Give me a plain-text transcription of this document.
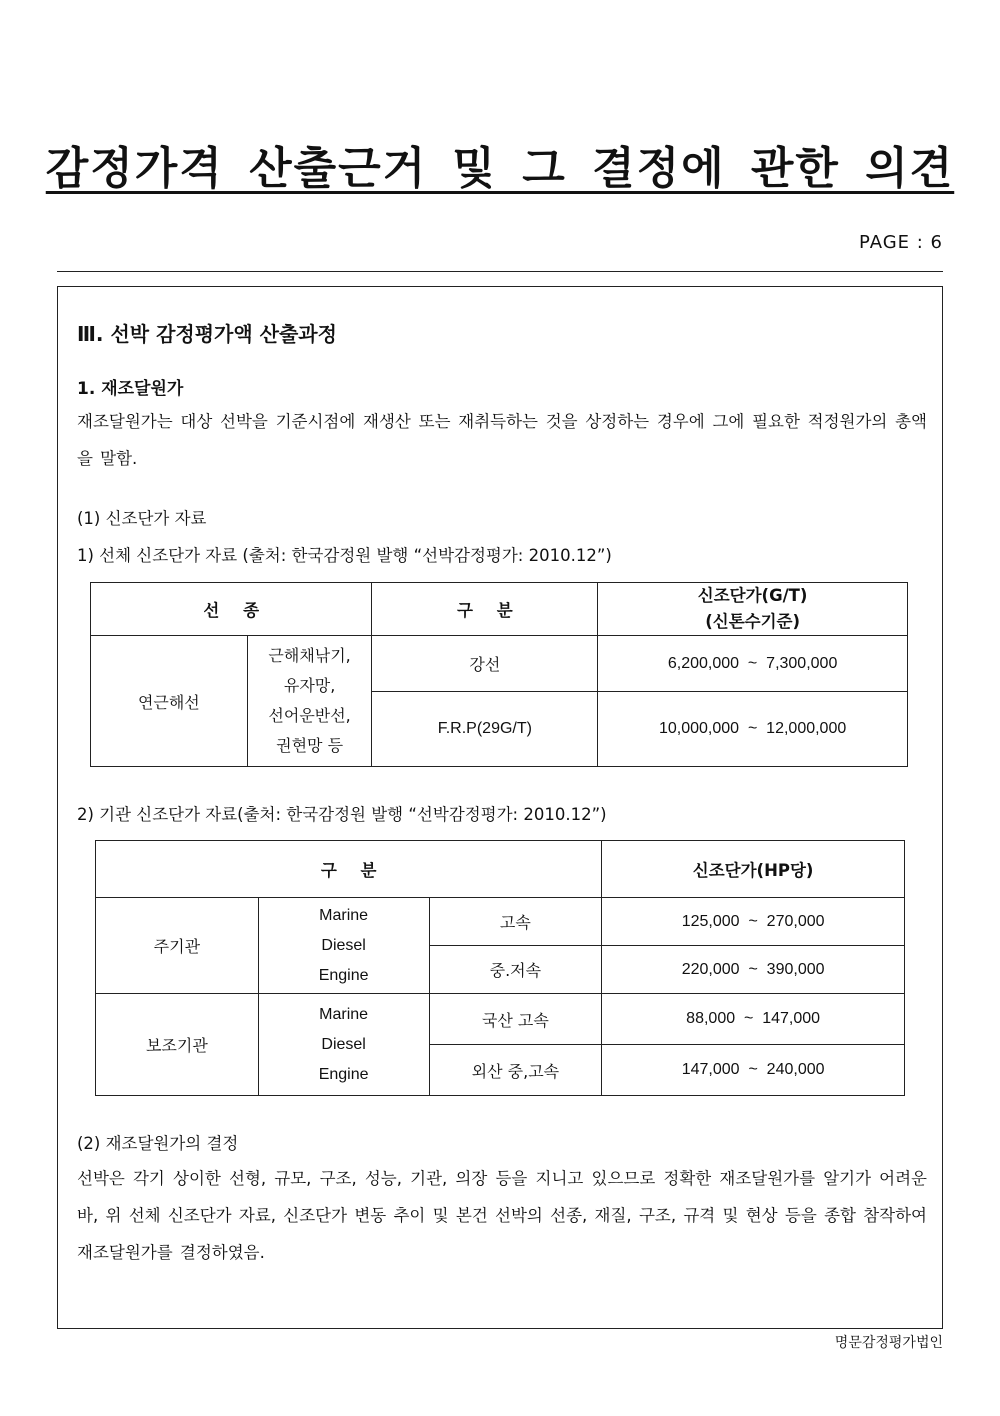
감정가격 산출근거 및 그 결정에 관한 의견
PAGE : 6
Ⅲ. 선박 감정평가액 산출과정
1. 재조달원가
재조달원가는 대상 선박을 기준시점에 재생산 또는 재취득하는 것을 상정하는 경우에 그에 필요한 적정원가의 총액을 말함.
(1) 신조단가 자료
1) 선체 신조단가 자료 (출처: 한국감정원 발행 “선박감정평가: 2010.12”)
선 종		구 분	신조단가(G/T)
(신톤수기준)

연근해선	근해채낚기,
유자망,
선어운반선,
권현망 등	강선	6,200,000  ~  7,300,000
		F.R.P(29G/T)	10,000,000  ~  12,000,000
2) 기관 신조단가 자료(출처: 한국감정원 발행 “선박감정평가: 2010.12”)
구 분			신조단가(HP당)
주기관	Marine
Diesel
Engine	고속	125,000  ~  270,000
		중.저속	220,000  ~  390,000
보조기관	Marine
Diesel
Engine	국산 고속	88,000  ~  147,000
		외산 중,고속	147,000  ~  240,000
(2) 재조달원가의 결정
선박은 각기 상이한 선형, 규모, 구조, 성능, 기관, 의장 등을 지니고 있으므로 정확한 재조달원가를 알기가 어려운 바, 위 선체 신조단가 자료, 신조단가 변동 추이 및 본건 선박의 선종, 재질, 구조, 규격 및 현상 등을 종합 참작하여 재조달원가를 결정하였음.
명문감정평가법인
